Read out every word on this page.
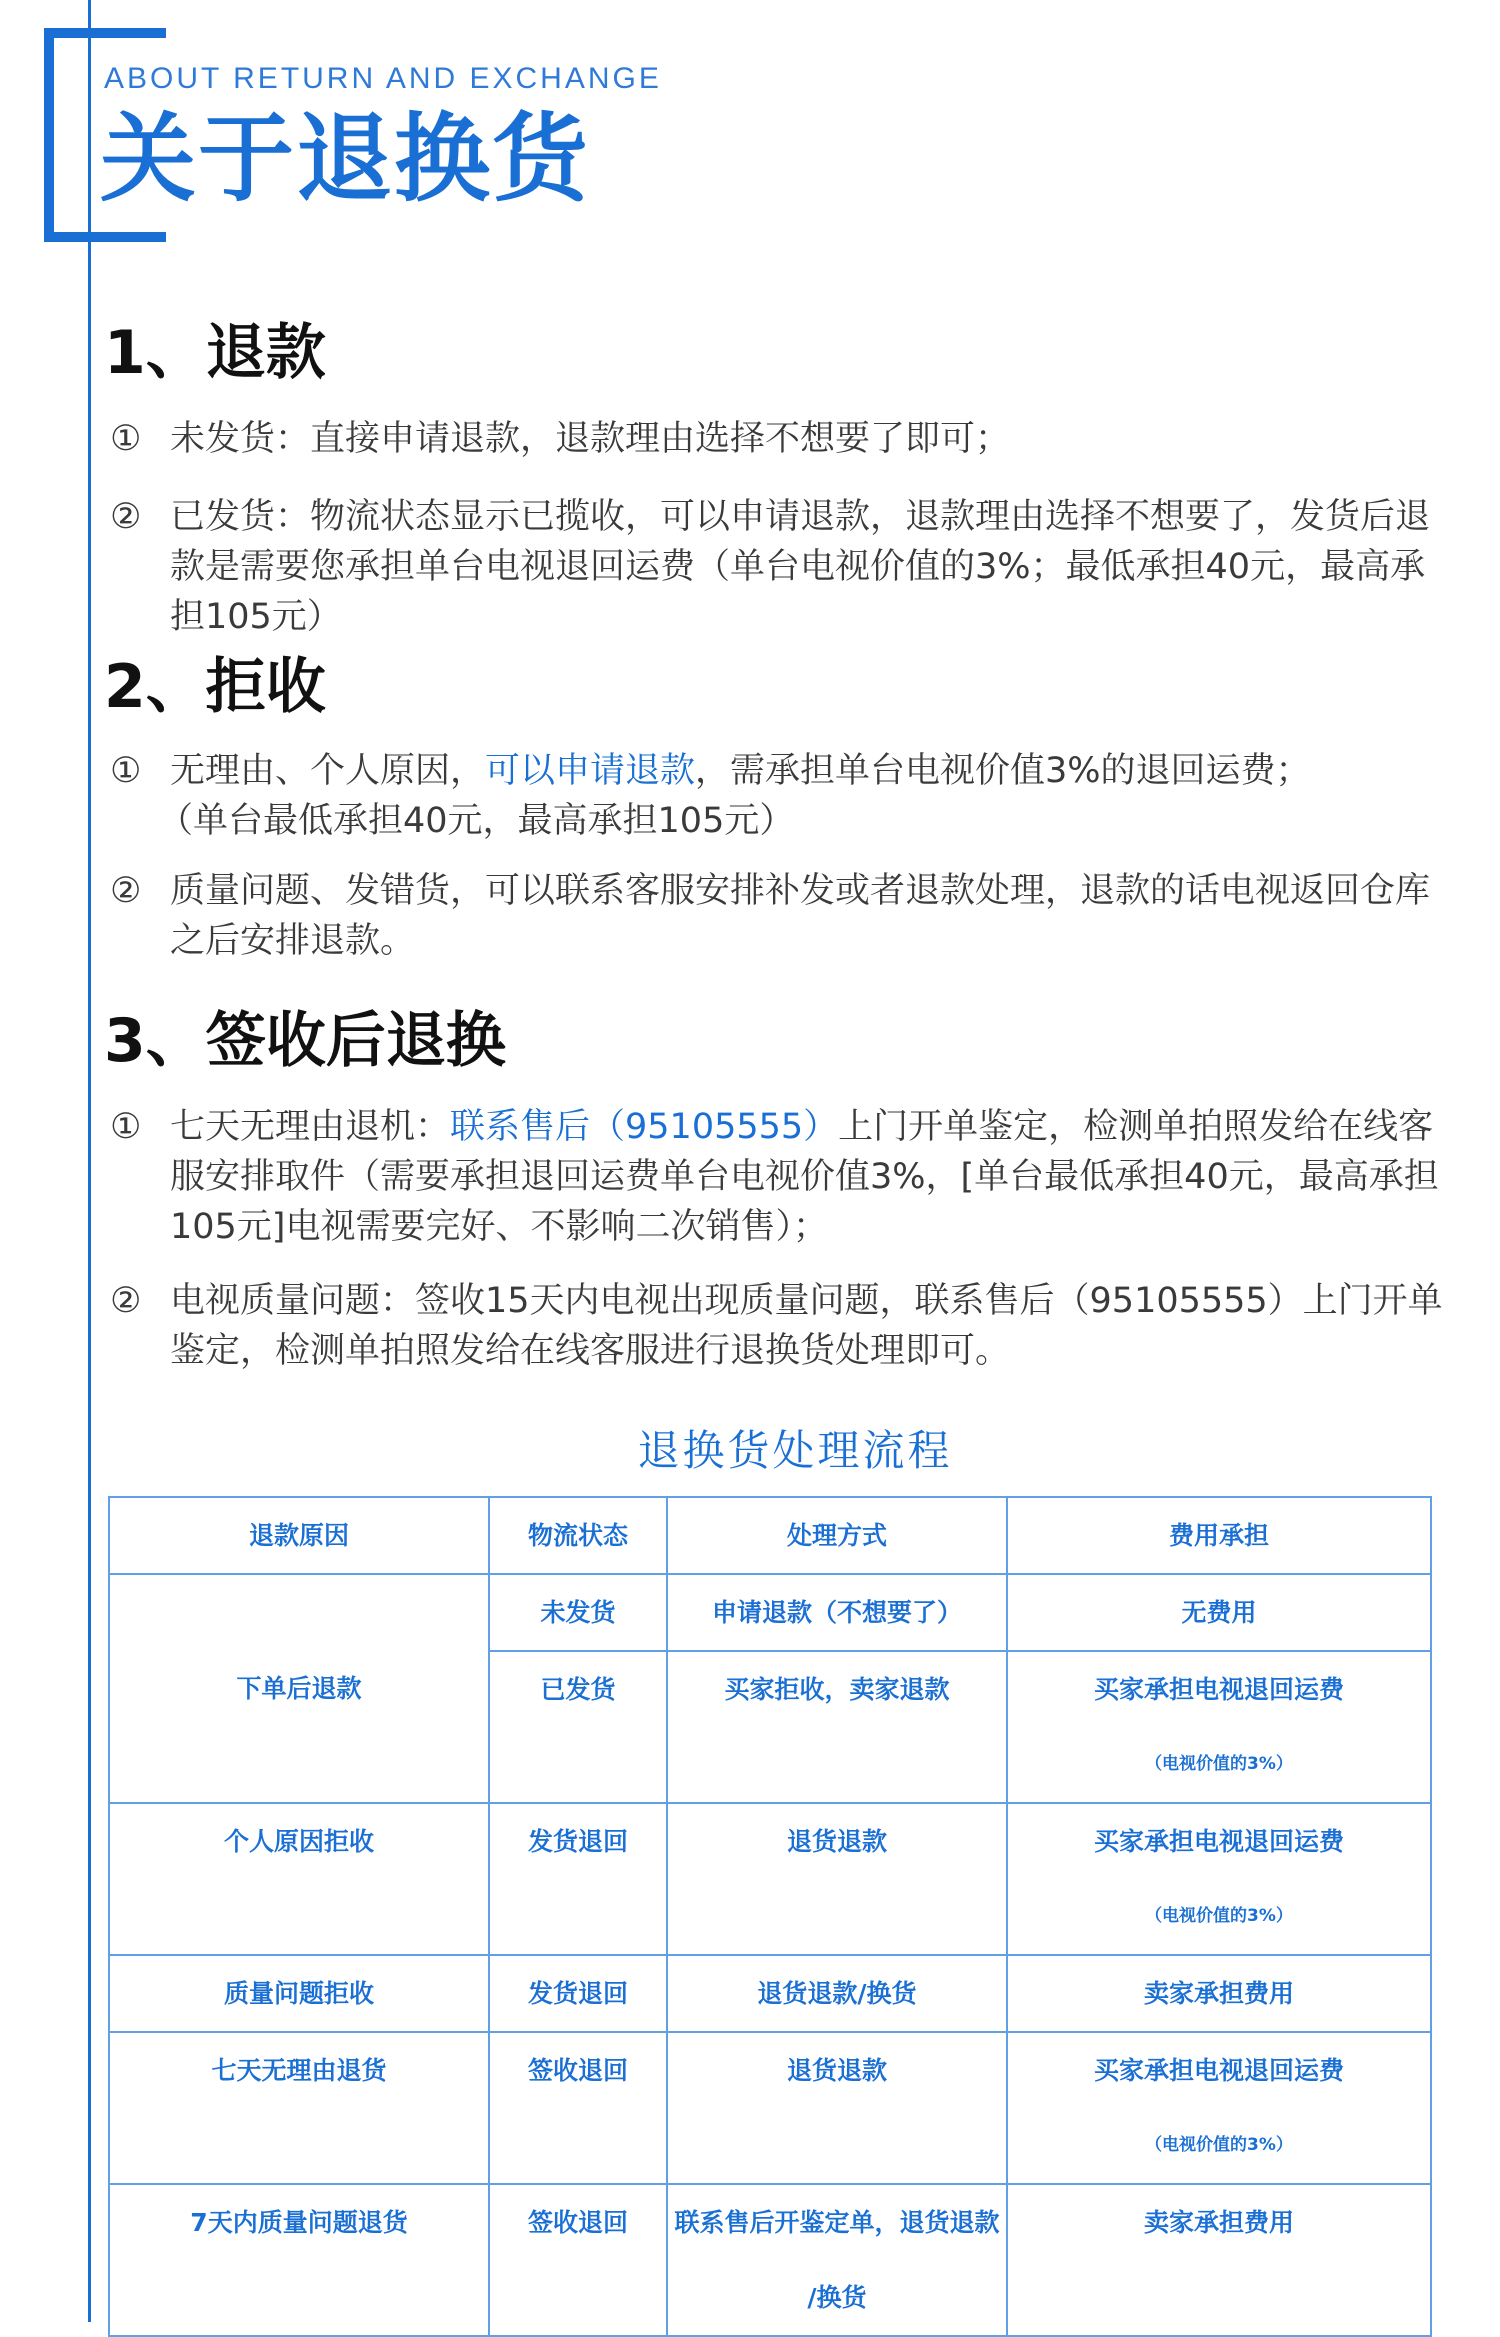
ABOUT RETURN AND EXCHANGE
关于退换货
1、退款
① 未发货：直接申请退款，退款理由选择不想要了即可；
② 已发货：物流状态显示已揽收，可以申请退款，退款理由选择不想要了，发货后退款是需要您承担单台电视退回运费（单台电视价值的3%；最低承担40元，最高承担105元）
2、拒收
① 无理由、个人原因，可以申请退款，需承担单台电视价值3%的退回运费；
（单台最低承担40元，最高承担105元）
② 质量问题、发错货，可以联系客服安排补发或者退款处理，退款的话电视返回仓库之后安排退款。
3、签收后退换
① 七天无理由退机：联系售后（95105555）上门开单鉴定，检测单拍照发给在线客服安排取件（需要承担退回运费单台电视价值3%，[单台最低承担40元，最高承担105元]电视需要完好、不影响二次销售）；
② 电视质量问题：签收15天内电视出现质量问题，联系售后（95105555）上门开单鉴定，检测单拍照发给在线客服进行退换货处理即可。
退换货处理流程
退款原因	物流状态	处理方式	费用承担
下单后退款	未发货	申请退款（不想要了）	无费用
	已发货	买家拒收，卖家退款	买家承担电视退回运费
（电视价值的3%）

个人原因拒收	发货退回	退货退款	买家承担电视退回运费
（电视价值的3%）

质量问题拒收	发货退回	退货退款/换货	卖家承担费用
七天无理由退货	签收退回	退货退款	买家承担电视退回运费
（电视价值的3%）

7天内质量问题退货	签收退回	联系售后开鉴定单，退货退款
/换货	卖家承担费用
